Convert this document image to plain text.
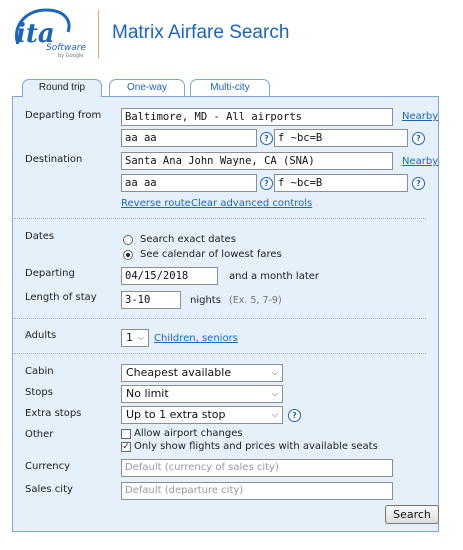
ita
Software
by Google
Matrix Airfare Search
Round trip	One-way	Multi-city
Departing from	Baltimore, MD - All airports	Nearby
aa aa	? f ~bc=B	?
Destination	Santa Ana John Wayne, CA (SNA)	Nearby
aa aa	? f ~bc=B	?
Reverse route Clear advanced controls
Dates	Search exact dates
See calendar of lowest fares
Departing	04/15/2018	and a month later
Length of stay	3-10	nights (Ex. 5, 7-9)
Adults	1 ⌵ Children, seniors
Cabin	Cheapest available	⌵
Stops	No limit	⌵
Extra stops	Up to 1 extra stop	⌵	?
Other	Allow airport changes
✓ Only show flights and prices with available seats
Currency	Default (currency of sales city)
Sales city	Default (departure city)
Search
